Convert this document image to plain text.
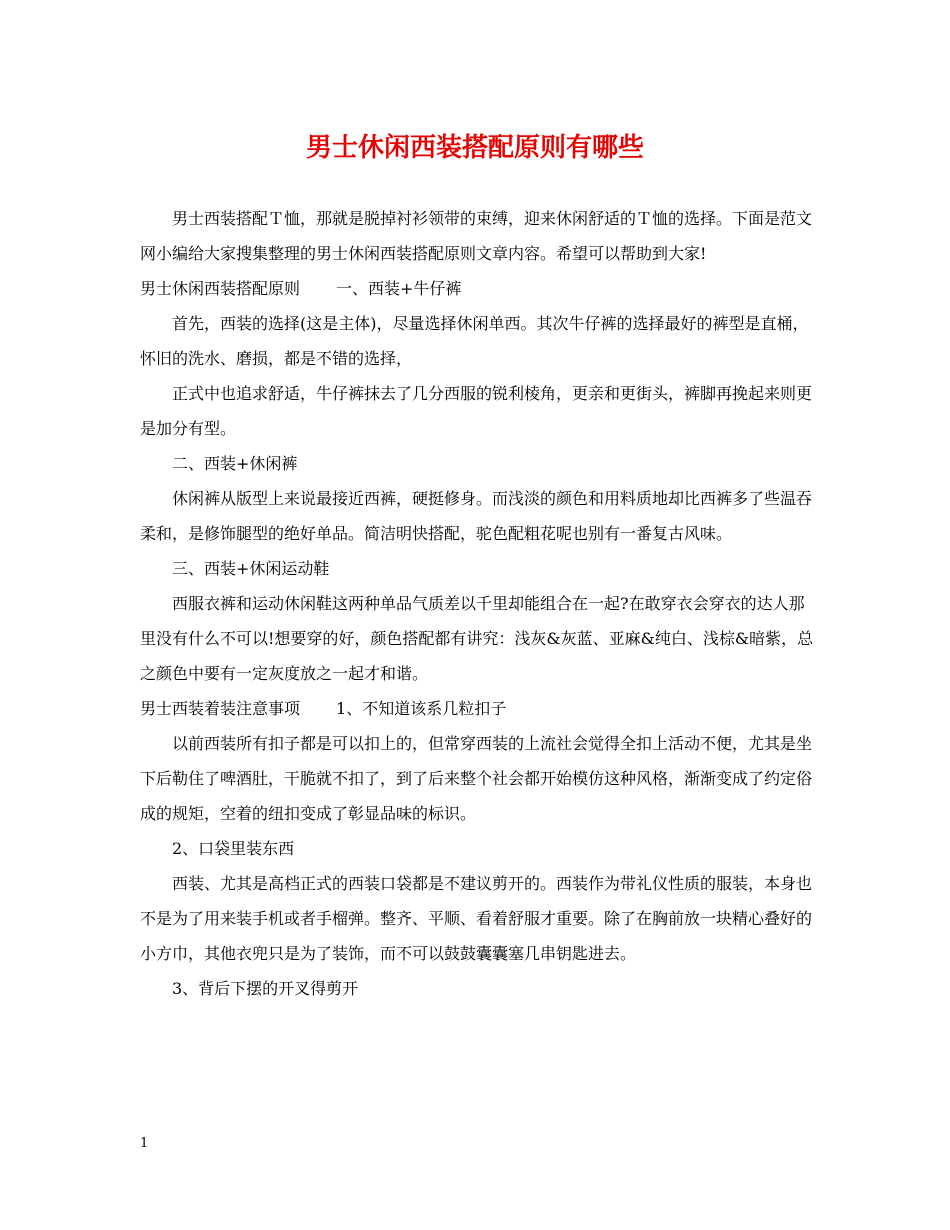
男士休闲西装搭配原则有哪些

男士西装搭配Ｔ恤，那就是脱掉衬衫领带的束缚，迎来休闲舒适的Ｔ恤的选择。下面是范文网小编给大家搜集整理的男士休闲西装搭配原则文章内容。希望可以帮助到大家!

男士休闲西装搭配原则 一、西装+牛仔裤

首先，西装的选择(这是主体)，尽量选择休闲单西。其次牛仔裤的选择最好的裤型是直桶，怀旧的洗水、磨损，都是不错的选择，

正式中也追求舒适，牛仔裤抹去了几分西服的锐利棱角，更亲和更街头，裤脚再挽起来则更是加分有型。

二、西装+休闲裤

休闲裤从版型上来说最接近西裤，硬挺修身。而浅淡的颜色和用料质地却比西裤多了些温吞柔和，是修饰腿型的绝好单品。简洁明快搭配，驼色配粗花呢也别有一番复古风味。

三、西装+休闲运动鞋

西服衣裤和运动休闲鞋这两种单品气质差以千里却能组合在一起?在敢穿衣会穿衣的达人那里没有什么不可以!想要穿的好，颜色搭配都有讲究：浅灰&灰蓝、亚麻&纯白、浅棕&暗紫，总之颜色中要有一定灰度放之一起才和谐。

男士西装着装注意事项 1、不知道该系几粒扣子

以前西装所有扣子都是可以扣上的，但常穿西装的上流社会觉得全扣上活动不便，尤其是坐下后勒住了啤酒肚，干脆就不扣了，到了后来整个社会都开始模仿这种风格，渐渐变成了约定俗成的规矩，空着的纽扣变成了彰显品味的标识。

2、口袋里装东西

西装、尤其是高档正式的西装口袋都是不建议剪开的。西装作为带礼仪性质的服装，本身也不是为了用来装手机或者手榴弹。整齐、平顺、看着舒服才重要。除了在胸前放一块精心叠好的小方巾，其他衣兜只是为了装饰，而不可以鼓鼓囊囊塞几串钥匙进去。

3、背后下摆的开叉得剪开

1
